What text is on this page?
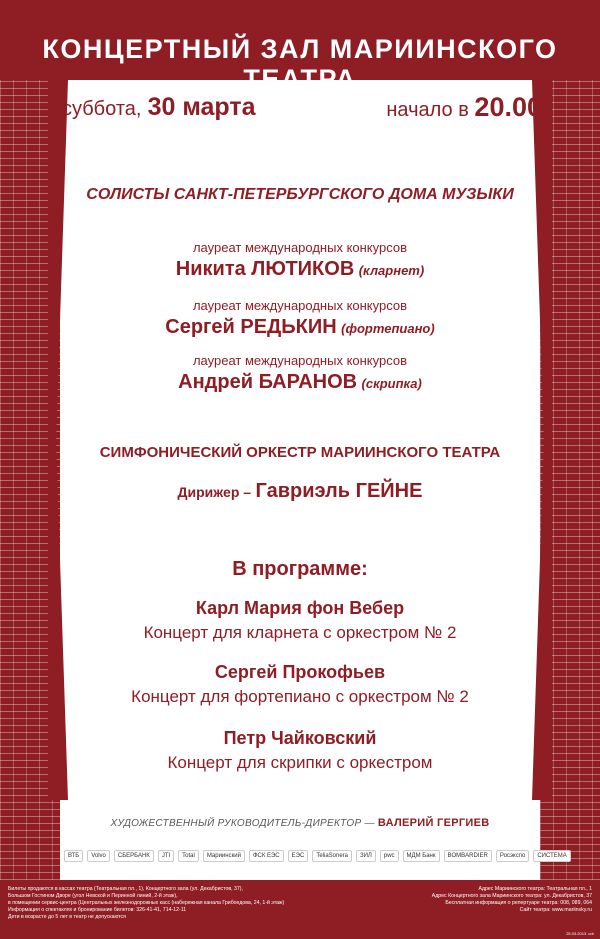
КОНЦЕРТНЫЙ ЗАЛ МАРИИНСКОГО ТЕАТРА
суббота, 30 марта	начало в 20.00
СОЛИСТЫ САНКТ-ПЕТЕРБУРГСКОГО ДОМА МУЗЫКИ
лауреат международных конкурсов
Никита ЛЮТИКОВ (кларнет)
лауреат международных конкурсов
Сергей РЕДЬКИН (фортепиано)
лауреат международных конкурсов
Андрей БАРАНОВ (скрипка)
СИМФОНИЧЕСКИЙ ОРКЕСТР МАРИИНСКОГО ТЕАТРА
Дирижер – Гавриэль ГЕЙНЕ
В программе:
Карл Мария фон Вебер
Концерт для кларнета с оркестром № 2
Сергей Прокофьев
Концерт для фортепиано с оркестром № 2
Петр Чайковский
Концерт для скрипки с оркестром
ХУДОЖЕСТВЕННЫЙ РУКОВОДИТЕЛЬ-ДИРЕКТОР — ВАЛЕРИЙ ГЕРГИЕВ
ВТБ	Volvo	СБЕРБАНК	JTI	Total	Мариинский	ФСК ЕЭС	ЕЭС	TeliaSonera	ЗИЛ	pwc	МДМ Банк	BOMBARDIER	Росэкспо	СИСТЕМА
Билеты продаются в кассах театра (Театральная пл., 1), Концертного зала (ул. Декабристов, 37),
Большом Гостином Дворе (угол Невской и Перинной линий, 2-й этаж),
в помещении сервис-центра (Центральных железнодорожных касс (набережная канала Грибоедова, 24, 1-й этаж)
Информация о спектаклях и бронирование билетов: 326-41-41, 714-12-11
Дети в возрасте до 5 лет в театр не допускаются
Адрес Мариинского театра: Театральная пл., 1
Адрес Концертного зала Мариинского театра: ул. Декабристов, 37
Бесплатная информация о репертуаре театра: 008, 089, 064
Сайт театра: www.mariinsky.ru
25.03.2013 .cdr
